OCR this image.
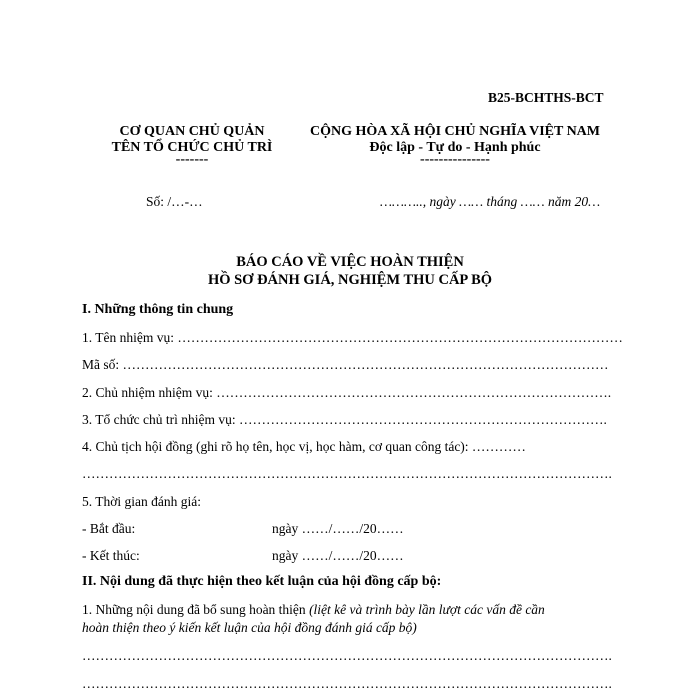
B25-BCHTHS-BCT
CƠ QUAN CHỦ QUẢN
TÊN TỔ CHỨC CHỦ TRÌ
-------
CỘNG HÒA XÃ HỘI CHỦ NGHĨA VIỆT NAM
Độc lập - Tự do - Hạnh phúc
---------------
Số: /…-…	……….., ngày …… tháng …… năm 20…
BÁO CÁO VỀ VIỆC HOÀN THIỆN
HỒ SƠ ĐÁNH GIÁ, NGHIỆM THU CẤP BỘ
I. Những thông tin chung
1. Tên nhiệm vụ: ………………………………………………………………………………………
Mã số: ………………………………………………………………………………………………
2. Chủ nhiệm nhiệm vụ: …………………………………………………………………………….
3. Tổ chức chủ trì nhiệm vụ: ……………………………………………………………………….
4. Chủ tịch hội đồng (ghi rõ họ tên, học vị, học hàm, cơ quan công tác): …………
……………………………………………………………………………………………………….
5. Thời gian đánh giá:
- Bắt đầu:	ngày ……/……/20……
- Kết thúc:	ngày ……/……/20……
II. Nội dung đã thực hiện theo kết luận của hội đồng cấp bộ:
1. Những nội dung đã bổ sung hoàn thiện (liệt kê và trình bày lần lượt các vấn đề cần
hoàn thiện theo ý kiến kết luận của hội đồng đánh giá cấp bộ)
……………………………………………………………………………………………………….
……………………………………………………………………………………………………….
